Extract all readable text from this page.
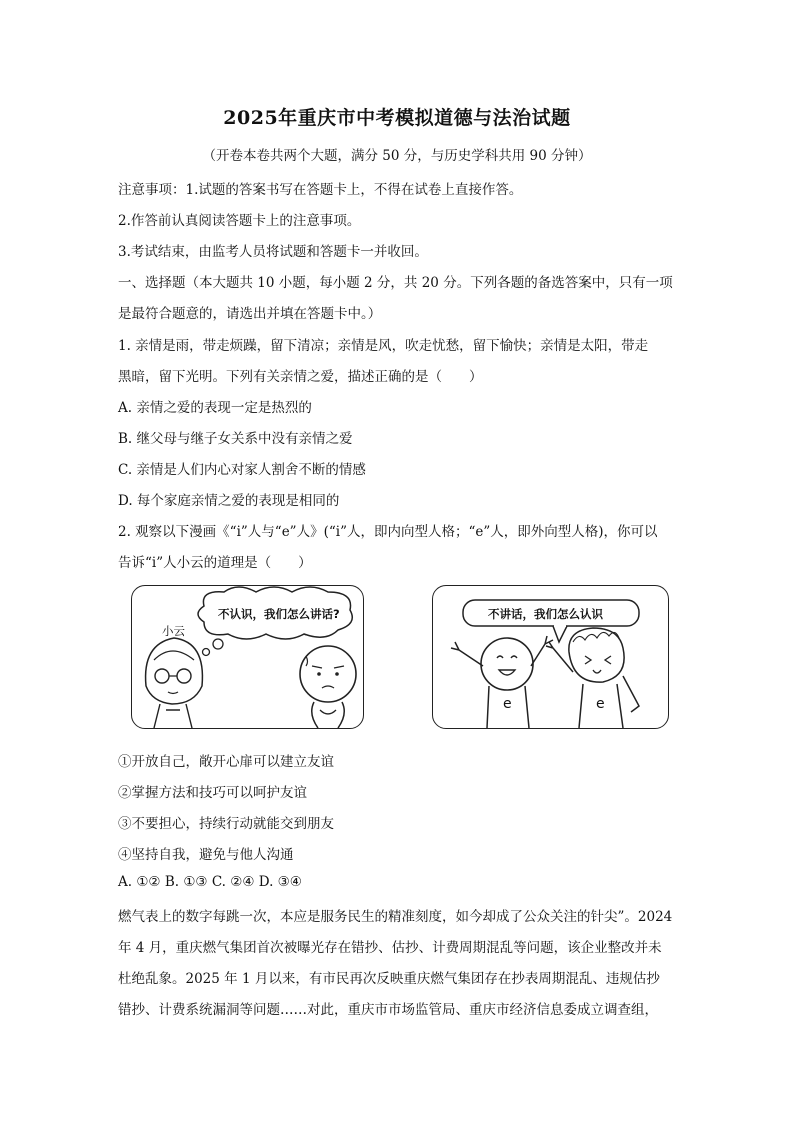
2025年重庆市中考模拟道德与法治试题
（开卷本卷共两个大题，满分 50 分，与历史学科共用 90 分钟）
注意事项：1.试题的答案书写在答题卡上，不得在试卷上直接作答。
2.作答前认真阅读答题卡上的注意事项。
3.考试结束，由监考人员将试题和答题卡一并收回。
一、选择题（本大题共 10 小题，每小题 2 分，共 20 分。下列各题的备选答案中，只有一项
是最符合题意的，请选出并填在答题卡中。）
1. 亲情是雨，带走烦躁，留下清凉；亲情是风，吹走忧愁，留下愉快；亲情是太阳，带走
黑暗，留下光明。下列有关亲情之爱，描述正确的是（　　）
A. 亲情之爱的表现一定是热烈的
B. 继父母与继子女关系中没有亲情之爱
C. 亲情是人们内心对家人割舍不断的情感
D. 每个家庭亲情之爱的表现是相同的
2. 观察以下漫画《“i”人与“e”人》(“i”人，即内向型人格；“e”人，即外向型人格)，你可以
告诉“i”人小云的道理是（　　）
不认识，我们怎么讲话?
小云
不讲话，我们怎么认识
e	e
①开放自己，敞开心扉可以建立友谊
②掌握方法和技巧可以呵护友谊
③不要担心，持续行动就能交到朋友
④坚持自我，避免与他人沟通
A. ①② B. ①③ C. ②④ D. ③④
燃气表上的数字每跳一次，本应是服务民生的精准刻度，如今却成了公众关注的针尖”。2024
年 4 月，重庆燃气集团首次被曝光存在错抄、估抄、计费周期混乱等问题，该企业整改并未
杜绝乱象。2025 年 1 月以来，有市民再次反映重庆燃气集团存在抄表周期混乱、违规估抄
错抄、计费系统漏洞等问题……对此，重庆市市场监管局、重庆市经济信息委成立调查组，
